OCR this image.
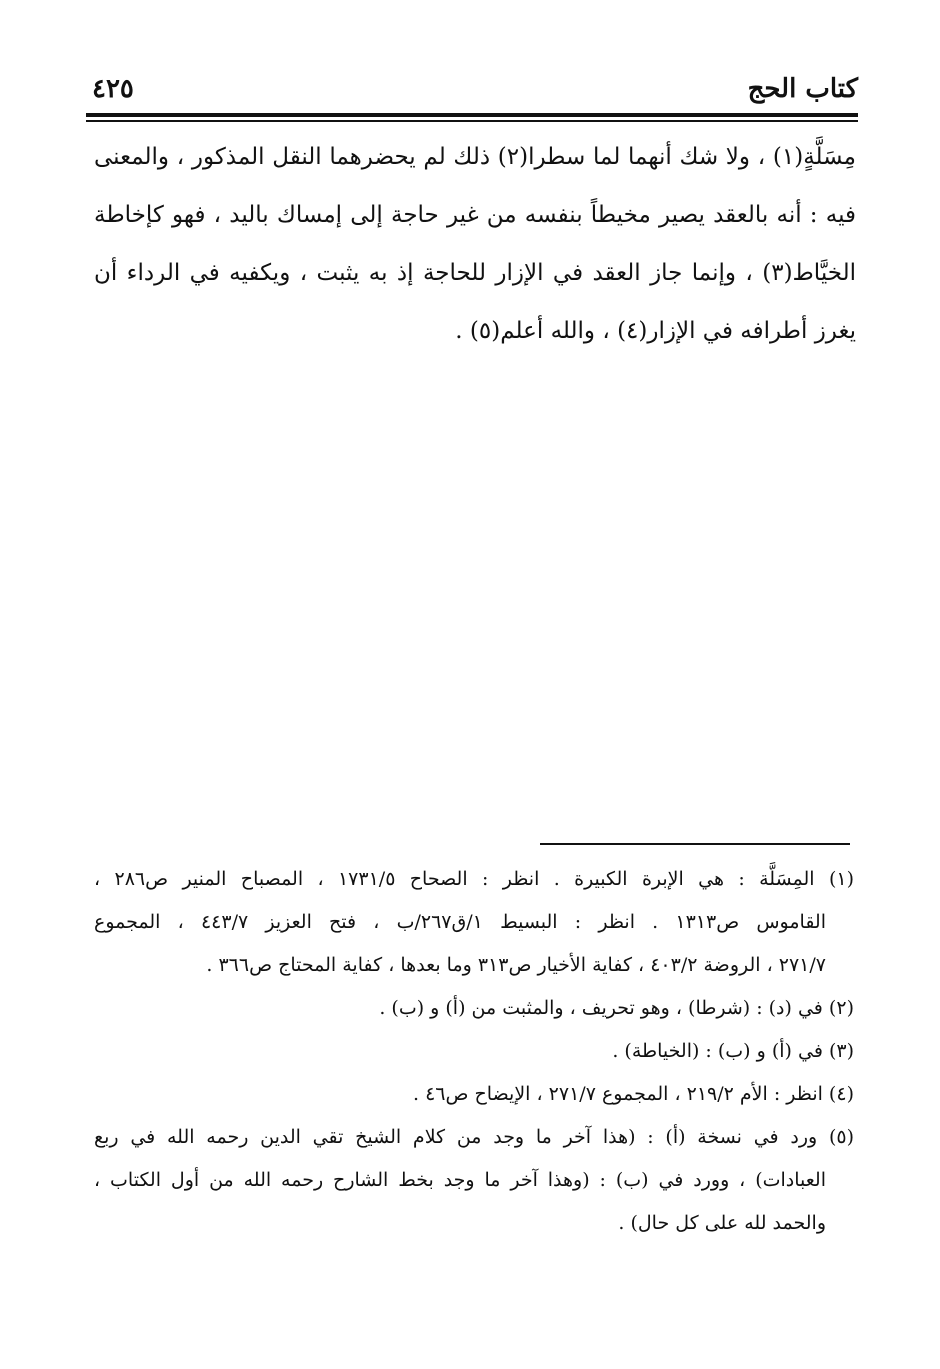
كتاب الحج
٤٢٥
مِسَلَّةٍ(١) ، ولا شك أنهما لما سطرا(٢) ذلك لم يحضرهما النقل المذكور ، والمعنى
فيه : أنه بالعقد يصير مخيطاً بنفسه من غير حاجة إلى إمساك باليد ، فهو كإخاطة
الخيَّاط(٣) ، وإنما جاز العقد في الإزار للحاجة إذ به يثبت ، ويكفيه في الرداء أن
يغرز أطرافه في الإزار(٤) ، والله أعلم(٥) .
(١) المِسَلَّة : هي الإبرة الكبيرة . انظر : الصحاح ١٧٣١/٥ ، المصباح المنير ص٢٨٦ ،
القاموس ص١٣١٣ . انظر : البسيط ١/ق٢٦٧/ب ، فتح العزيز ٤٤٣/٧ ، المجموع
٢٧١/٧ ، الروضة ٤٠٣/٢ ، كفاية الأخيار ص٣١٣ وما بعدها ، كفاية المحتاج ص٣٦٦ .
(٢) في (د) : (شرطا) ، وهو تحريف ، والمثبت من (أ) و (ب) .
(٣) في (أ) و (ب) : (الخياطة) .
(٤) انظر : الأم ٢١٩/٢ ، المجموع ٢٧١/٧ ، الإيضاح ص٤٦ .
(٥) ورد في نسخة (أ) : (هذا آخر ما وجد من كلام الشيخ تقي الدين رحمه الله في ربع
العبادات) ، وورد في (ب) : (وهذا آخر ما وجد بخط الشارح رحمه الله من أول الكتاب ،
والحمد لله على كل حال) .
